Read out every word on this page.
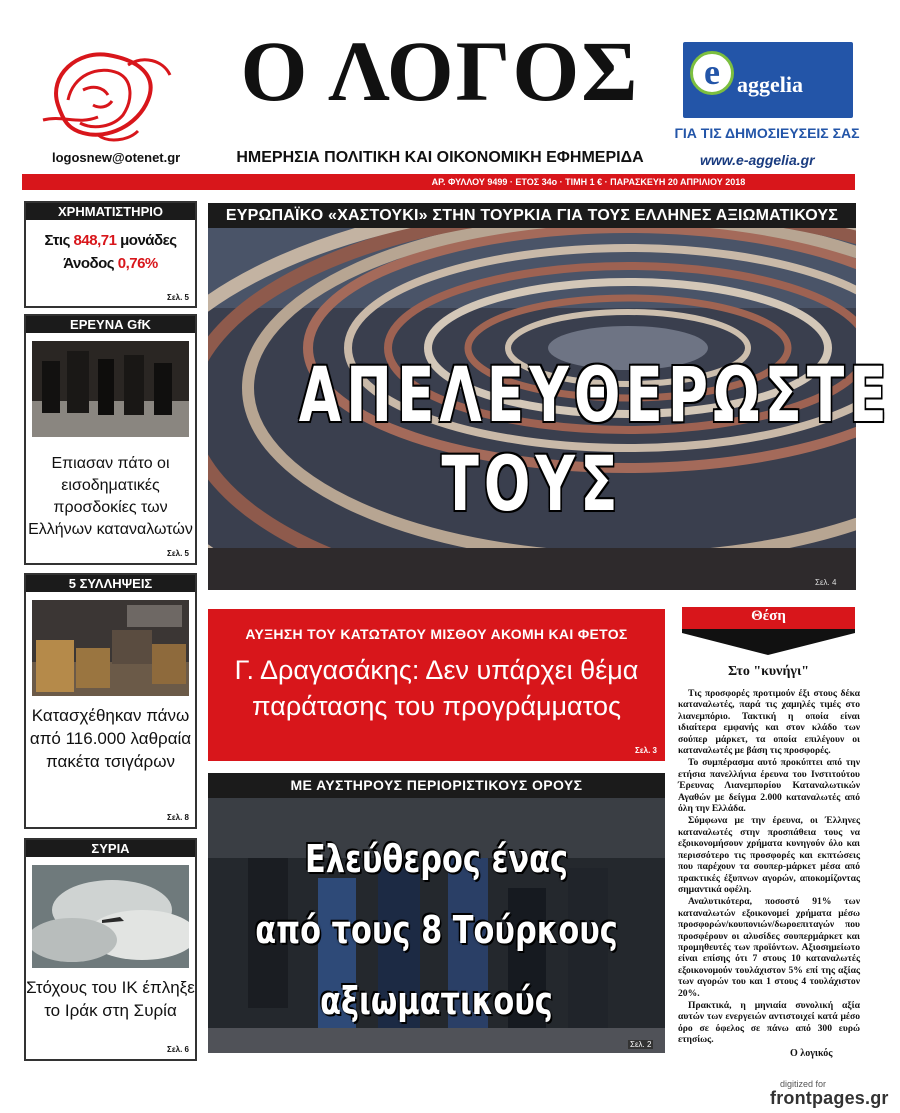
logosnew@otenet.gr
Ο ΛΟΓΟΣ
ΗΜΕΡΗΣΙΑ ΠΟΛΙΤΙΚΗ ΚΑΙ ΟΙΚΟΝΟΜΙΚΗ ΕΦΗΜΕΡΙΔΑ
e aggelia
ΓΙΑ ΤΙΣ ΔΗΜΟΣΙΕΥΣΕΙΣ ΣΑΣ
www.e-aggelia.gr
ΑΡ. ΦΥΛΛΟΥ 9499 · ΕΤΟΣ 34ο · ΤΙΜΗ 1 € · ΠΑΡΑΣΚΕΥΗ 20 ΑΠΡΙΛΙΟΥ 2018
ΧΡΗΜΑΤΙΣΤΗΡΙΟ
Στις 848,71 μονάδες
Άνοδος 0,76%
Σελ. 5
ΕΡΕΥΝΑ GfK
Επιασαν πάτο οι εισοδηματικές προσδοκίες των Ελλήνων καταναλωτών
Σελ. 5
5 ΣΥΛΛΗΨΕΙΣ
Κατασχέθηκαν πάνω από 116.000 λαθραία πακέτα τσιγάρων
Σελ. 8
ΣΥΡΙΑ
Στόχους του ΙΚ έπληξε το Ιράκ στη Συρία
Σελ. 6
ΕΥΡΩΠΑΪΚΟ «ΧΑΣΤΟΥΚΙ» ΣΤΗΝ ΤΟΥΡΚΙΑ ΓΙΑ ΤΟΥΣ ΕΛΛΗΝΕΣ ΑΞΙΩΜΑΤΙΚΟΥΣ
ΑΠΕΛΕΥΘΕΡΩΣΤΕ ΤΟΥΣ
Σελ. 4
ΑΥΞΗΣΗ ΤΟΥ ΚΑΤΩΤΑΤΟΥ ΜΙΣΘΟΥ ΑΚΟΜΗ ΚΑΙ ΦΕΤΟΣ
Γ. Δραγασάκης: Δεν υπάρχει θέμα
παράτασης του προγράμματος
Σελ. 3
ΜΕ ΑΥΣΤΗΡΟΥΣ ΠΕΡΙΟΡΙΣΤΙΚΟΥΣ ΟΡΟΥΣ
Ελεύθερος ένας
από τους 8 Τούρκους
αξιωματικούς
Σελ. 2
Θέση
Στο "κυνήγι"

Τις προσφορές προτιμούν έξι στους δέκα καταναλωτές, παρά τις χαμηλές τιμές στο λιανεμπόριο. Τακτική η οποία είναι ιδιαίτερα εμφανής και στον κλάδο των σούπερ μάρκετ, τα οποία επιλέγουν οι καταναλωτές με βάση τις προσφορές.

Το συμπέρασμα αυτό προκύπτει από την ετήσια πανελλήνια έρευνα του Ινστιτούτου Έρευνας Λιανεμπορίου Καταναλωτικών Αγαθών με δείγμα 2.000 καταναλωτές από όλη την Ελλάδα.

Σύμφωνα με την έρευνα, οι Έλληνες καταναλωτές στην προσπάθεια τους να εξοικονομήσουν χρήματα κυνηγούν όλο και περισσότερο τις προσφορές και εκπτώσεις που παρέχουν τα σουπερ-μάρκετ μέσα από πρακτικές έξυπνων αγορών, αποκομίζοντας σημαντικά οφέλη.

Αναλυτικότερα, ποσοστό 91% των καταναλωτών εξοικονομεί χρήματα μέσω προσφορών/κουπονιών/δωροεπιταγών που προσφέρουν οι αλυσίδες σουπερμάρκετ και προμηθευτές των προϊόντων. Αξιοσημείωτο είναι επίσης ότι 7 στους 10 καταναλωτές εξοικονομούν τουλάχιστον 5% επί της αξίας των αγορών του και 1 στους 4 τουλάχιστον 20%.

Πρακτικά, η μηνιαία συνολική αξία αυτών των ενεργειών αντιστοιχεί κατά μέσο όρο σε όφελος σε πάνω από 300 ευρώ ετησίως.

Ο λογικός
digitized for
frontpages.gr
